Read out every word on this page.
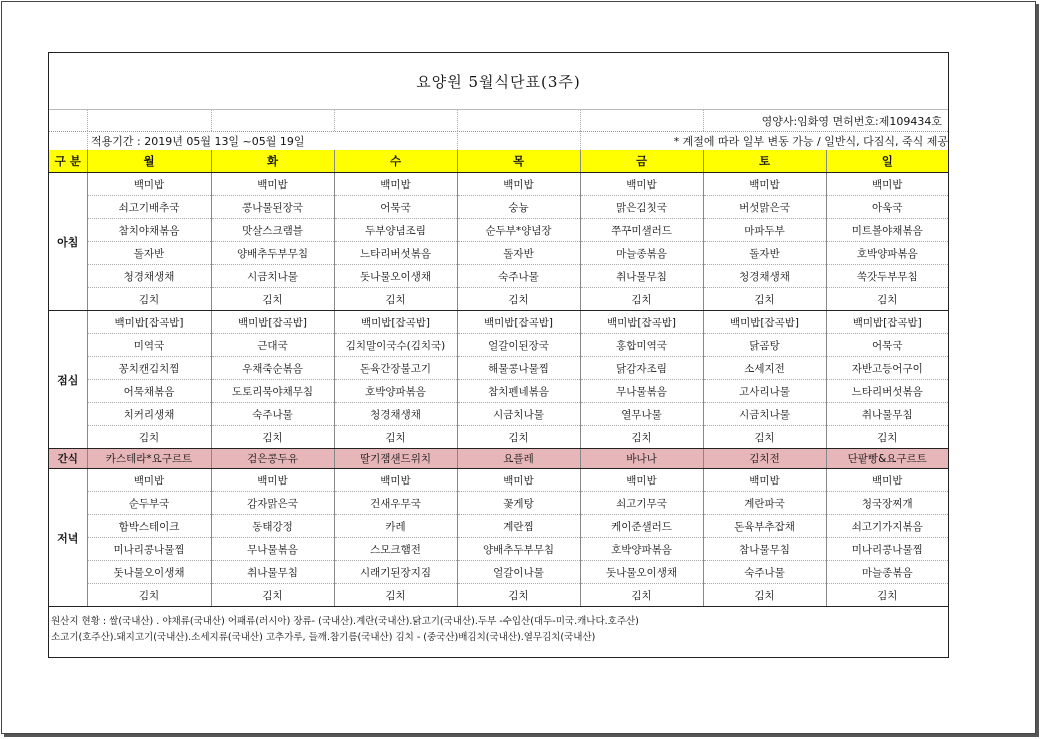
요양원 5월식단표(3주)
영양사:임화영 면허번호:제109434호
적용기간 : 2019년 05월 13일 ~05월 19일	* 계절에 따라 일부 변동 가능 / 일반식, 다짐식, 죽식 제공
구 분	월	화	수	목	금	토	일
아침	백미밥	백미밥	백미밥	백미밥	백미밥	백미밥	백미밥
	쇠고기배추국	콩나물된장국	어묵국	숭늉	맑은김칫국	버섯맑은국	아욱국
	참치야채볶음	맛살스크램블	두부양념조림	순두부*양념장	쭈꾸미샐러드	마파두부	미트볼야채볶음
	돌자반	양배추두부무침	느타리버섯볶음	돌자반	마늘종볶음	돌자반	호박양파볶음
	청경채생채	시금치나물	돗나물오이생채	숙주나물	취나물무침	청경채생채	쑥갓두부무침
	김치	김치	김치	김치	김치	김치	김치
점심	백미밥[잡곡밥]	백미밥[잡곡밥]	백미밥[잡곡밥]	백미밥[잡곡밥]	백미밥[잡곡밥]	백미밥[잡곡밥]	백미밥[잡곡밥]
	미역국	근대국	김치말이국수(김치국)	얼갈이된장국	홍합미역국	닭곰탕	어묵국
	꽁치캔김치찜	우채죽순볶음	돈육간장불고기	해물콩나물찜	닭감자조림	소세지전	자반고등어구이
	어묵채볶음	도토리묵야채무침	호박양파볶음	참치펜네볶음	무나물볶음	고사리나물	느타리버섯볶음
	치커리생채	숙주나물	청경채생채	시금치나물	열무나물	시금치나물	취나물무침
	김치	김치	김치	김치	김치	김치	김치
간식	카스테라*요구르트	검은콩두유	딸기잼샌드위치	요플레	바나나	김치전	단팥빵&요구르트
저녁	백미밥	백미밥	백미밥	백미밥	백미밥	백미밥	백미밥
	순두부국	감자맑은국	건새우무국	꽃게탕	쇠고기무국	계란파국	청국장찌개
	함박스테이크	동태강정	카레	계란찜	케이준샐러드	돈육부추잡채	쇠고기가지볶음
	미나리콩나물찜	무나물볶음	스모크햄전	양배추두부무침	호박양파볶음	참나물무침	미나리콩나물찜
	돗나물오이생채	취나물무침	시래기된장지짐	얼갈이나물	돗나물오이생채	숙주나물	마늘종볶음
	김치	김치	김치	김치	김치	김치	김치
원산지 현황 : 쌀(국내산) . 야채류(국내산) 어패류(러시아) 장류- (국내산).계란(국내산).닭고기(국내산).두부 -수입산(대두-미국.캐나다.호주산)
소고기(호주산).돼지고기(국내산).소세지류(국내산) 고추가루, 들깨.참기름(국내산) 김치 - (중국산)배김치(국내산).열무김치(국내산)
